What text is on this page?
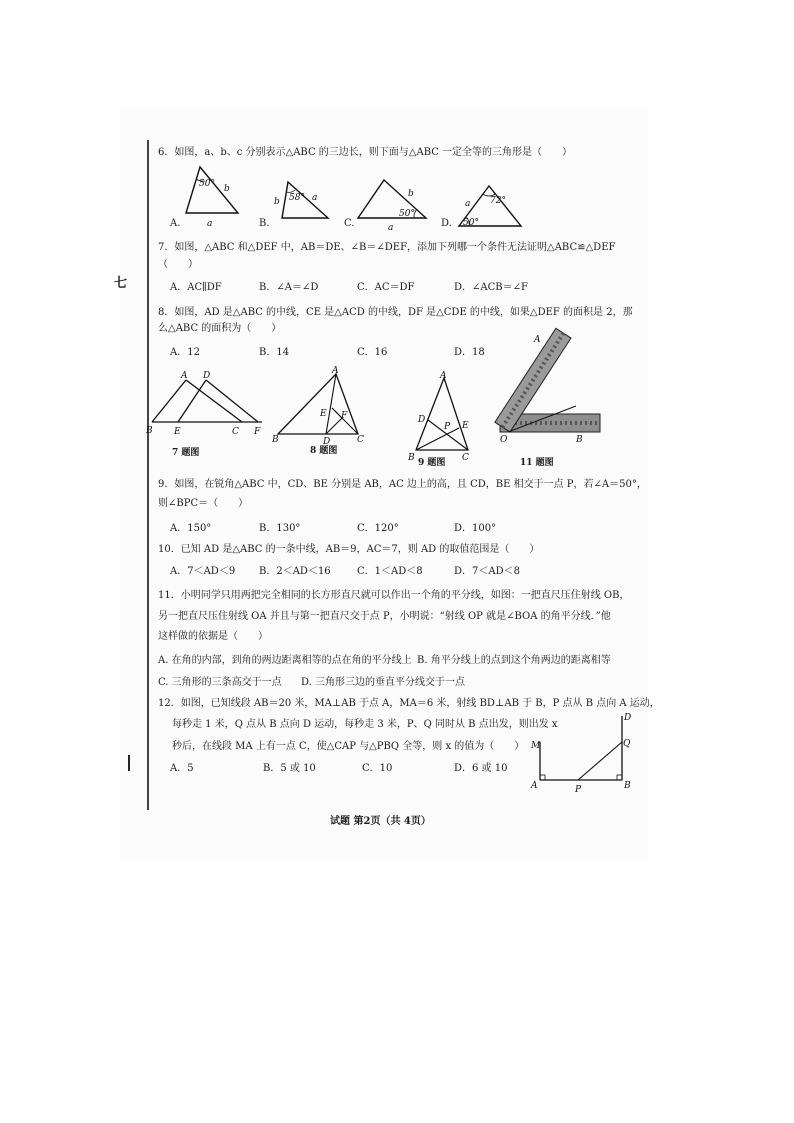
七
6．如图，a、b、c 分别表示△ABC 的三边长，则下面与△ABC 一定全等的三角形是（　　）
A.	B.	C.	D.
50° b
a
58°
b	a
50°
b
a
72°
50°
a
7．如图，△ABC 和△DEF 中，AB＝DE、∠B＝∠DEF，添加下列哪一个条件无法证明△ABC≌△DEF
（　　）
A．AC∥DF	B．∠A＝∠D	C．AC＝DF	D．∠ACB＝∠F
8．如图，AD 是△ABC 的中线，CE 是△ACD 的中线，DF 是△CDE 的中线，如果△DEF 的面积是 2，那
么△ABC 的面积为（　　）
A．12	B．14	C．16	D．18
A D
B E	C F
7 题图
A
E F
B	D	C
8 题图
A
D
P E
B	C
9 题图
A
O	B
11 题图
9．如图，在锐角△ABC 中，CD、BE 分别是 AB，AC 边上的高，且 CD，BE 相交于一点 P，若∠A＝50°，
则∠BPC＝（　　）
A．150°	B．130°	C．120°	D．100°
10．已知 AD 是△ABC 的一条中线，AB＝9，AC＝7，则 AD 的取值范围是（　　）
A．7＜AD＜9 B．2＜AD＜16	C．1＜AD＜8	D．7＜AD＜8
11．小明同学只用两把完全相同的长方形直尺就可以作出一个角的平分线，如图：一把直尺压住射线 OB，
另一把直尺压住射线 OA 并且与第一把直尺交于点 P，小明说：“射线 OP 就是∠BOA 的角平分线．”他
这样做的依据是（　　）
A. 在角的内部，到角的两边距离相等的点在角的平分线上 B. 角平分线上的点到这个角两边的距离相等
C. 三角形的三条高交于一点 D. 三角形三边的垂直平分线交于一点
12．如图，已知线段 AB＝20 米，MA⊥AB 于点 A，MA＝6 米，射线 BD⊥AB 于 B，P 点从 B 点向 A 运动，
每秒走 1 米，Q 点从 B 点向 D 运动，每秒走 3 米，P、Q 同时从 B 点出发，则出发 x
秒后，在线段 MA 上有一点 C，使△CAP 与△PBQ 全等，则 x 的值为（　　）
A．5	B．5 或 10	C．10	D．6 或 10
D
M	Q
A	P	B
试题 第2页（共 4页）
